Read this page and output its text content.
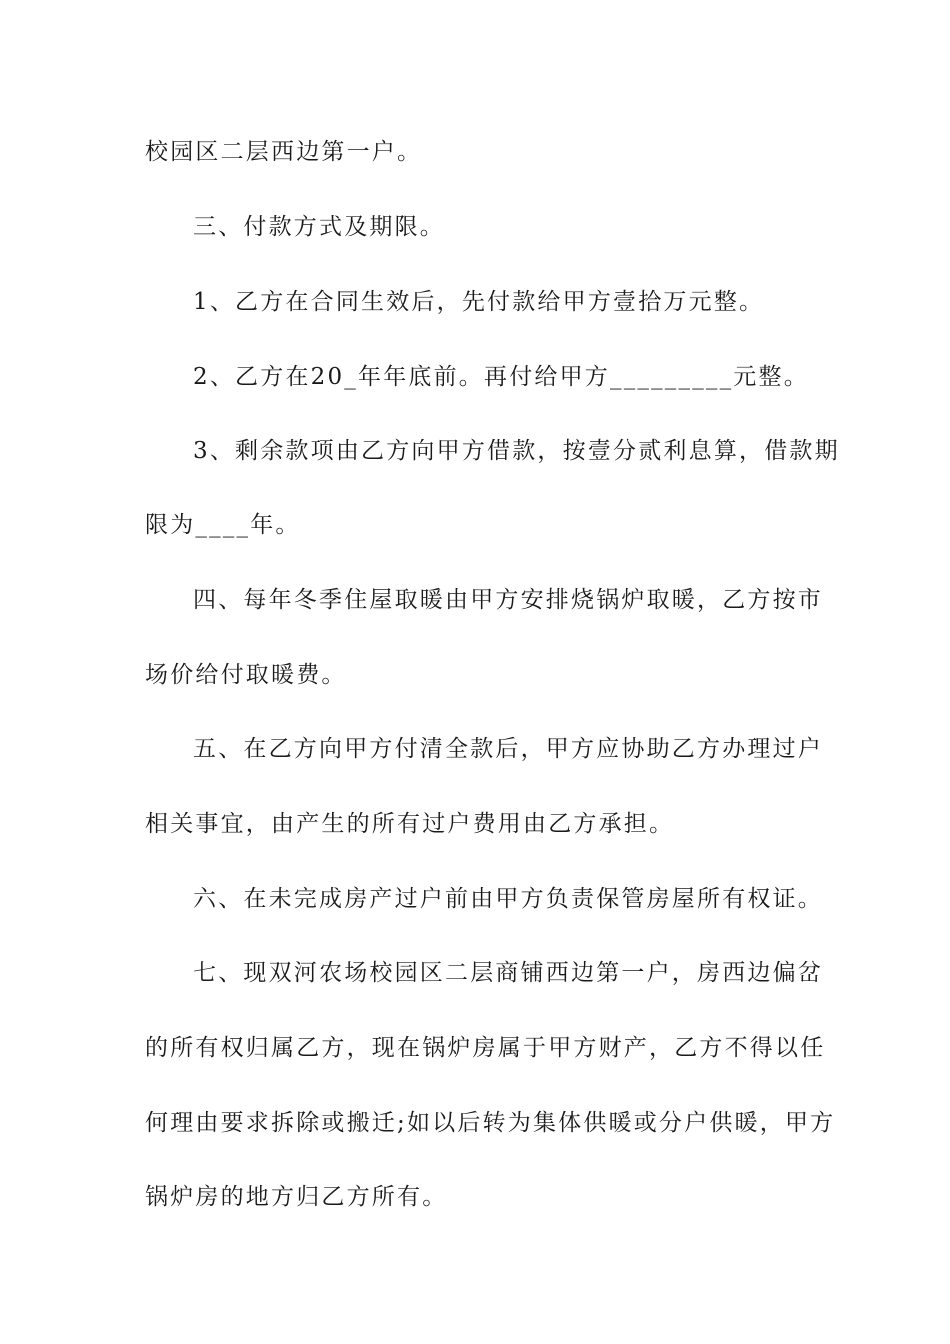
校园区二层西边第一户。
三、付款方式及期限。
1、乙方在合同生效后，先付款给甲方壹拾万元整。
2、乙方在20_年年底前。再付给甲方_________元整。
3、剩余款项由乙方向甲方借款，按壹分贰利息算，借款期
限为____年。
四、每年冬季住屋取暖由甲方安排烧锅炉取暖，乙方按市
场价给付取暖费。
五、在乙方向甲方付清全款后，甲方应协助乙方办理过户
相关事宜，由产生的所有过户费用由乙方承担。
六、在未完成房产过户前由甲方负责保管房屋所有权证。
七、现双河农场校园区二层商铺西边第一户，房西边偏岔
的所有权归属乙方，现在锅炉房属于甲方财产，乙方不得以任
何理由要求拆除或搬迁;如以后转为集体供暖或分户供暖，甲方
锅炉房的地方归乙方所有。
